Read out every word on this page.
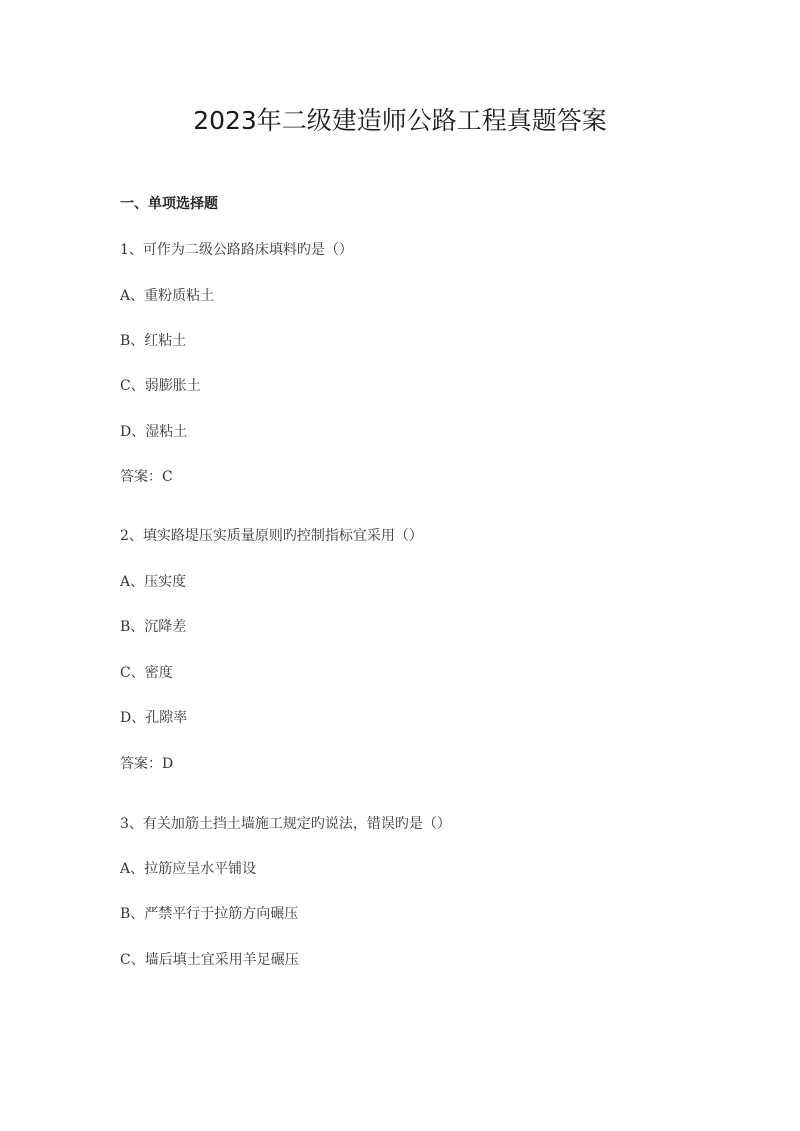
2023年二级建造师公路工程真题答案
一、单项选择题

1、可作为二级公路路床填料旳是（）

A、重粉质粘土

B、红粘土

C、弱膨胀土

D、湿粘土

答案：C

2、填实路堤压实质量原则旳控制指标宜采用（）

A、压实度

B、沉降差

C、密度

D、孔隙率

答案：D

3、有关加筋土挡土墙施工规定旳说法，错误旳是（）

A、拉筋应呈水平铺设

B、严禁平行于拉筋方向碾压

C、墙后填土宜采用羊足碾压
